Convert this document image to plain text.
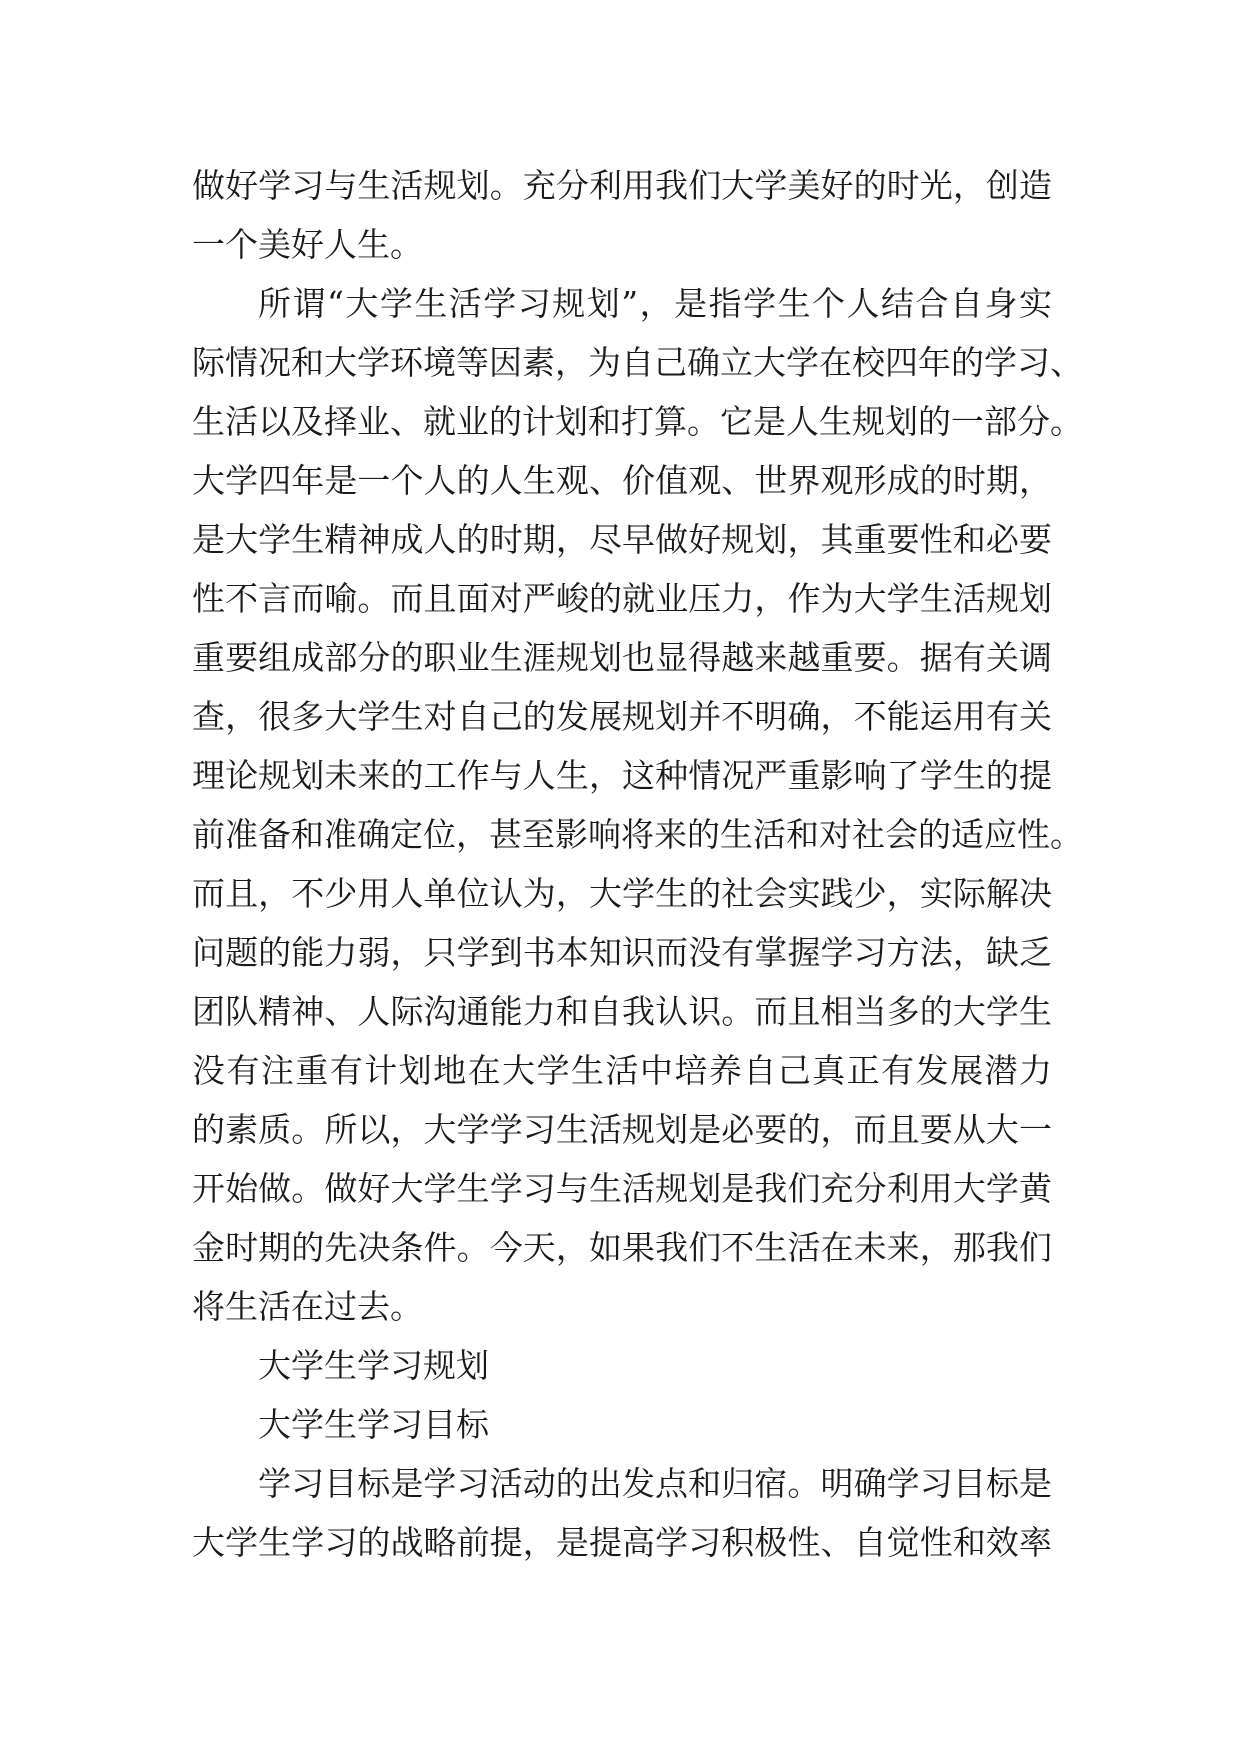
做好学习与生活规划。充分利用我们大学美好的时光，创造
一个美好人生。
所谓“大学生活学习规划”，是指学生个人结合自身实
际情况和大学环境等因素，为自己确立大学在校四年的学习、
生活以及择业、就业的计划和打算。它是人生规划的一部分。
大学四年是一个人的人生观、价值观、世界观形成的时期，
是大学生精神成人的时期，尽早做好规划，其重要性和必要
性不言而喻。而且面对严峻的就业压力，作为大学生活规划
重要组成部分的职业生涯规划也显得越来越重要。据有关调
查，很多大学生对自己的发展规划并不明确，不能运用有关
理论规划未来的工作与人生，这种情况严重影响了学生的提
前准备和准确定位，甚至影响将来的生活和对社会的适应性。
而且，不少用人单位认为，大学生的社会实践少，实际解决
问题的能力弱，只学到书本知识而没有掌握学习方法，缺乏
团队精神、人际沟通能力和自我认识。而且相当多的大学生
没有注重有计划地在大学生活中培养自己真正有发展潜力
的素质。所以，大学学习生活规划是必要的，而且要从大一
开始做。做好大学生学习与生活规划是我们充分利用大学黄
金时期的先决条件。今天，如果我们不生活在未来，那我们
将生活在过去。
大学生学习规划
大学生学习目标
学习目标是学习活动的出发点和归宿。明确学习目标是
大学生学习的战略前提，是提高学习积极性、自觉性和效率
